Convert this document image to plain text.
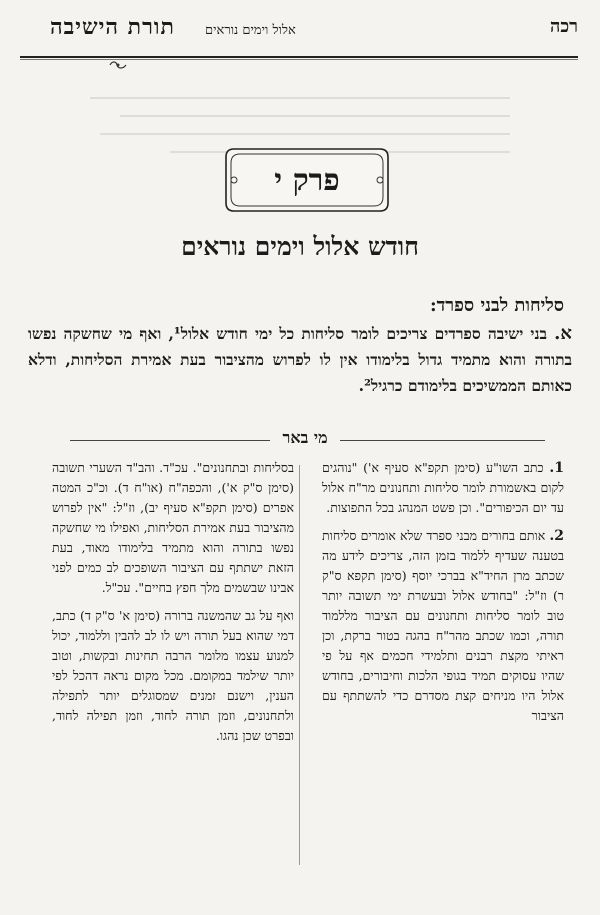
רכה
אלול וימים נוראים
תורת הישיבה
פרק י
חודש אלול וימים נוראים
סליחות לבני ספרד:
א. בני ישיבה ספרדים צריכים לומר סליחות כל ימי חודש אלול¹, ואף מי שחשקה נפשו בתורה והוא מתמיד גדול בלימודו אין לו לפרוש מהציבור בעת אמירת הסליחות, ודלא כאותם הממשיכים בלימודם כרגיל².
מי באר
1. כתב השו"ע (סימן תקפ"א סעיף א') "נוהגים לקום באשמורת לומר סליחות ותחנונים מר"ח אלול עד יום הכיפורים". וכן פשט המנהג בכל התפוצות.
2. אותם בחורים מבני ספרד שלא אומרים סליחות בטענה שעדיף ללמוד בזמן הזה, צריכים לידע מה שכתב מרן החיד"א בברכי יוסף (סימן תקפא ס"ק ר) וז"ל: "בחודש אלול ובעשרת ימי תשובה יותר טוב לומר סליחות ותחנונים עם הציבור מללמוד תורה, וכמו שכתב מהר"ח בהגה בטור ברקת, וכן ראיתי מקצת רבנים ותלמידי חכמים אף על פי שהיו עסוקים תמיד בגופי הלכות וחיבורים, בחודש אלול היו מניחים קצת מסדרם כדי להשתתף עם הציבור
בסליחות ובתחנונים". עכ"ד. והב"ד השערי תשובה (סימן ס"ק א'), והכפה"ח (או"ח ד). וכ"כ המטה אפרים (סימן תקפ"א סעיף יב), וז"ל: "אין לפרוש מהציבור בעת אמירת הסליחות, ואפילו מי שחשקה נפשו בתורה והוא מתמיד בלימודו מאוד, בעת הזאת ישתתף עם הציבור השופכים לב כמים לפני אבינו שבשמים מלך חפץ בחיים". עכ"ל.
ואף על גב שהמשנה ברורה (סימן א' ס"ק ד) כתב, דמי שהוא בעל תורה ויש לו לב להבין וללמוד, יכול למנוע עצמו מלומר הרבה תחינות ובקשות, וטוב יותר שילמד במקומם. מכל מקום נראה דהכל לפי הענין, וישנם זמנים שמסוגלים יותר לתפילה ולתחנונים, וזמן תורה לחוד, וזמן תפילה לחוד, ובפרט שכן נהגו.
